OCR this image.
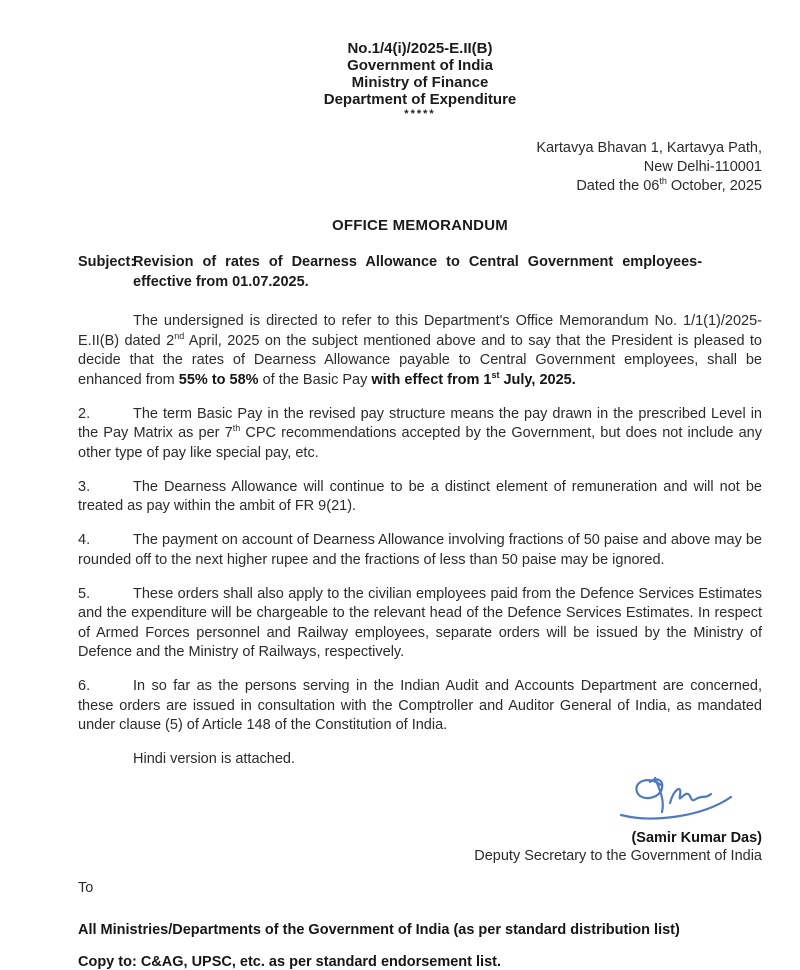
No.1/4(i)/2025-E.II(B)
Government of India
Ministry of Finance
Department of Expenditure
*****
Kartavya Bhavan 1, Kartavya Path,
New Delhi-110001
Dated the 06th October, 2025
OFFICE MEMORANDUM
Subject:
Revision of rates of Dearness Allowance to Central Government employees-
effective from 01.07.2025.

The undersigned is directed to refer to this Department's Office Memorandum No. 1/1(1)/2025-E.II(B) dated 2nd April, 2025 on the subject mentioned above and to say that the President is pleased to decide that the rates of Dearness Allowance payable to Central Government employees, shall be enhanced from 55% to 58% of the Basic Pay with effect from 1st July, 2025.

2.	The term Basic Pay in the revised pay structure means the pay drawn in the prescribed Level in the Pay Matrix as per 7th CPC recommendations accepted by the Government, but does not include any other type of pay like special pay, etc.

3.	The Dearness Allowance will continue to be a distinct element of remuneration and will not be treated as pay within the ambit of FR 9(21).

4.	The payment on account of Dearness Allowance involving fractions of 50 paise and above may be rounded off to the next higher rupee and the fractions of less than 50 paise may be ignored.

5.	These orders shall also apply to the civilian employees paid from the Defence Services Estimates and the expenditure will be chargeable to the relevant head of the Defence Services Estimates. In respect of Armed Forces personnel and Railway employees, separate orders will be issued by the Ministry of Defence and the Ministry of Railways, respectively.

6.	In so far as the persons serving in the Indian Audit and Accounts Department are concerned, these orders are issued in consultation with the Comptroller and Auditor General of India, as mandated under clause (5) of Article 148 of the Constitution of India.

Hindi version is attached.

(Samir Kumar Das)
Deputy Secretary to the Government of India
To
All Ministries/Departments of the Government of India (as per standard distribution list)
Copy to: C&AG, UPSC, etc. as per standard endorsement list.
